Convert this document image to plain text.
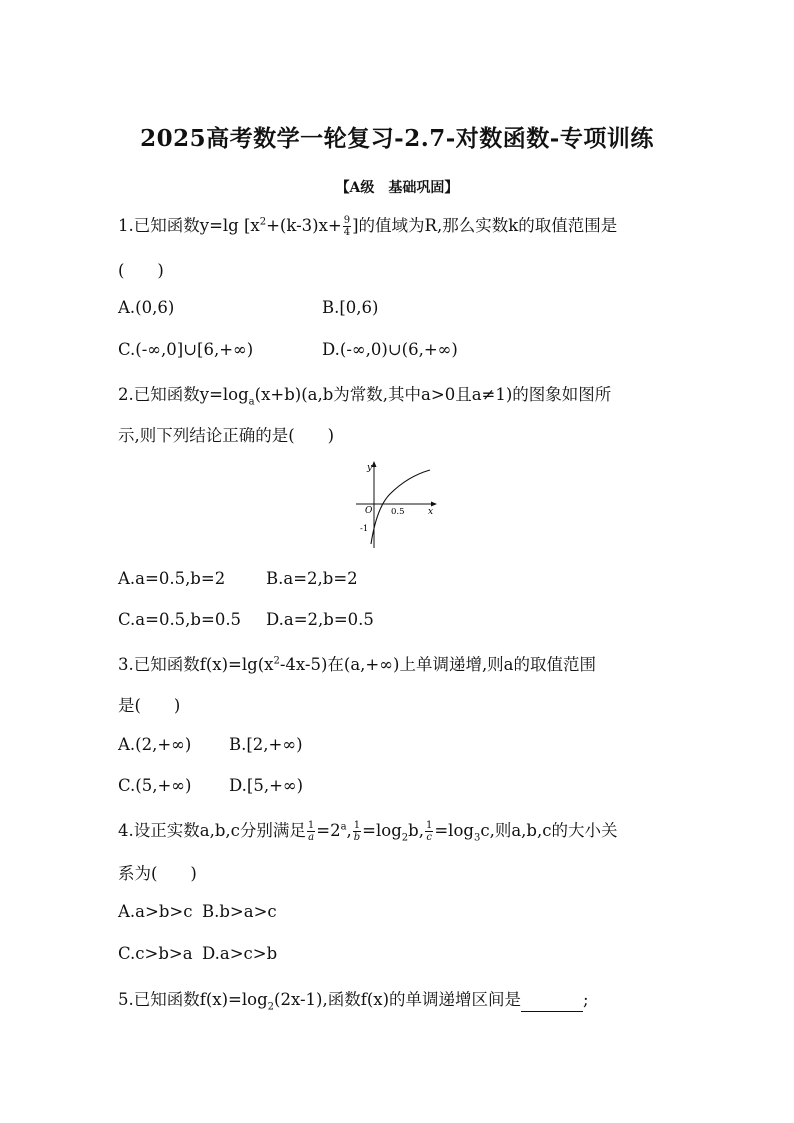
2025高考数学一轮复习-2.7-对数函数-专项训练
【A级　基础巩固】
1.已知函数y=lg [$x^2+(k-3)x+ \frac{9}{4}$ ]的值域为R,那么实数k的取值范围是
(　　)
A.(0,6)	B.[0,6)
C.(-∞,0]∪[6,+∞)	D.(-∞,0)∪(6,+∞)
2.已知函数$y=\log_a(x+b)(a,b$为常数,其中a>0且a≠1)的图象如图所
示,则下列结论正确的是(　　)
y
x
O 0.5
-1
A.a=0.5,b=2 B.a=2,b=2
C.a=0.5,b=0.5 D.a=2,b=0.5
3.已知函数$f(x)=\lg(x^2-4x-5)$在(a,+∞)上单调递增,则a的取值范围
是(　　)
A.(2,+∞) B.[2,+∞)
C.(5,+∞) D.[5,+∞)
4.设正实数a,b,c分别满足 $\frac{1}{a} =2^a$, $\frac{1}{b} =\log_2b$, $\frac{1}{c} =\log_3c$,则a,b,c的大小关
系为(　　)
A.a>b>c B.b>a>c
C.c>b>a D.a>c>b
5.已知函数$f(x)=\log_2(2x-1)$,函数f(x)的单调递增区间是	;
